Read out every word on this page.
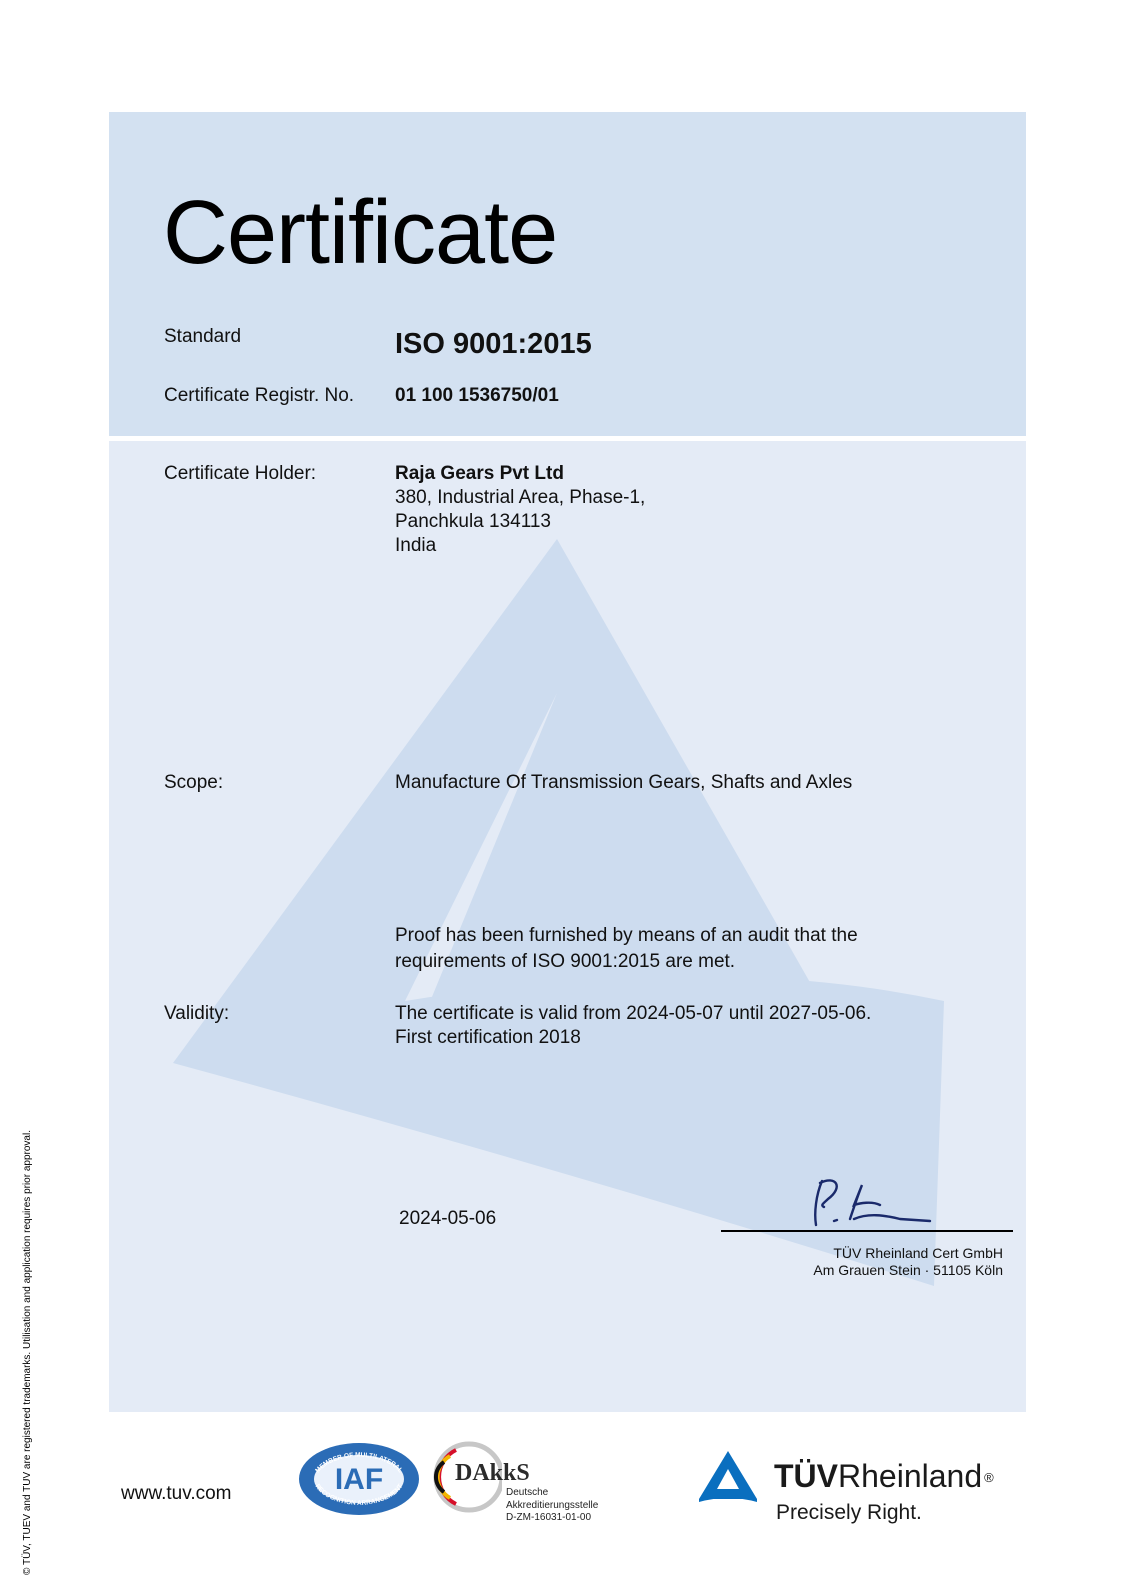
Certificate
Standard	ISO 9001:2015
Certificate Registr. No. 01 100 1536750/01
Certificate Holder:	Raja Gears Pvt Ltd
380, Industrial Area, Phase-1,
Panchkula 134113
India
Scope:	Manufacture Of Transmission Gears, Shafts and Axles
Proof has been furnished by means of an audit that the
requirements of ISO 9001:2015 are met.
Validity:	The certificate is valid from 2024-05-07 until 2027-05-06.
First certification 2018
2024-05-06
TÜV Rheinland Cert GmbH
Am Grauen Stein · 51105 Köln
© TÜV, TUEV and TUV are registered trademarks. Utilisation and application requires prior approval.	www.tuv.com
MEMBER OF MULTILATERAL
RECOGNITION ARRANGEMENT
IAF	DAkkS
Deutsche
Akkreditierungsstelle
D-ZM-16031-01-00
TÜVRheinland ®
Precisely Right.
